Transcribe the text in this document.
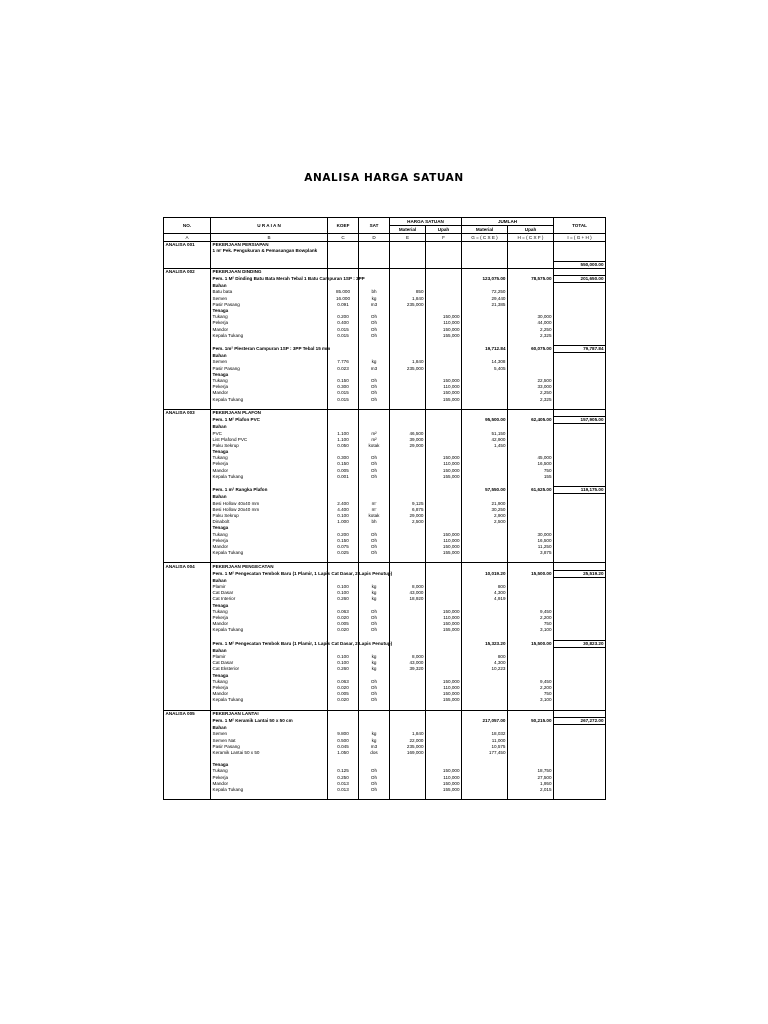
ANALISA HARGA SATUAN
NO.	U R A I A N	KOEF	SAT	HARGA SATUAN		JUMLAH		TOTAL
				Material	Upah	Material	Upah	
A	B	C	D	E	F	G = ( C X E )	H = ( C X F )	I = ( G + H )
ANALISA 001	PEKERJAAN PERSIAPAN							
	1 m' Pek. Pengukuran & Pemasangan Bowplank							

								550,000.00
ANALISA 002	PEKERJAAN DINDING							
	Pem. 1 M² Dinding Batu Bata Merah Tebal 1 Batu Campuran 1SP : 3PP					123,075.00	78,575.00	201,650.00
	Bahan							
	Batu bata	85.000	bh	850		72,250		
	Semen	16.000	kg	1,840		29,440		
	Pasir Pasang	0.091	m3	235,000		21,385		
	Tenaga							
	Tukang	0.200	Oh		150,000		30,000	
	Pekerja	0.400	Oh		110,000		44,000	
	Mandor	0.015	Oh		150,000		2,250	
	Kepala Tukang	0.015	Oh		155,000		2,325	

	Pem. 1m² Plesteran Campuran 1SP : 3PP Tebal 15 mm					19,712.84	60,075.00	79,787.84
	Bahan							
	Semen	7.776	kg	1,840		14,308		
	Pasir Pasang	0.023	m3	235,000		5,405		
	Tenaga							
	Tukang	0.150	Oh		150,000		22,500	
	Pekerja	0.300	Oh		110,000		33,000	
	Mandor	0.015	Oh		150,000		2,250	
	Kepala Tukang	0.015	Oh		155,000		2,325	

ANALISA 003	PEKERJAAN PLAFON							
	Pem. 1 M² Plafon PVC					95,500.00	62,405.00	157,905.00
	Bahan							
	PVC	1.100	m²	46,500		51,150		
	List Plafond PVC	1.100	m²	39,000		42,900		
	Paku Sekrup	0.050	kotak	29,000		1,450		
	Tenaga							
	Tukang	0.300	Oh		150,000		45,000	
	Pekerja	0.150	Oh		110,000		16,500	
	Mandor	0.005	Oh		150,000		750	
	Kepala Tukang	0.001	Oh		155,000		155	

	Pem. 1 m² Rangka Plafon					57,550.00	61,625.00	119,175.00
	Bahan							
	Besi Hollow 40x40 mm	2.400	m'	9,125		21,900		
	Besi Hollow 20x40 mm	4.400	m'	6,875		30,250		
	Paku Sekrup	0.100	kotak	29,000		2,900		
	Dinabolt	1.000	bh	2,500		2,500		
	Tenaga							
	Tukang	0.200	Oh		150,000		30,000	
	Pekerja	0.150	Oh		110,000		16,500	
	Mandor	0.075	Oh		150,000		11,250	
	Kepala Tukang	0.025	Oh		155,000		3,875	

ANALISA 004	PEKERJAAN PENGECATAN							
	Pem. 1 M² Pengecatan Tembok Baru (1 Plamir, 1 Lapis Cat Dasar, 2 Lapis Penutup)					10,019.20	15,500.00	25,519.20
	Bahan							
	Plamir	0.100	kg	8,000		800		
	Cat Dasar	0.100	kg	43,000		4,300		
	Cat Interior	0.260	kg	18,920		4,919		
	Tenaga							
	Tukang	0.063	Oh		150,000		9,450	
	Pekerja	0.020	Oh		110,000		2,200	
	Mandor	0.005	Oh		150,000		750	
	Kepala Tukang	0.020	Oh		155,000		3,100	

	Pem. 1 M² Pengecatan Tembok Baru (1 Plamir, 1 Lapis Cat Dasar, 2 Lapis Penutup)					15,323.20	15,500.00	30,823.20
	Bahan							
	Plamir	0.100	kg	8,000		800		
	Cat Dasar	0.100	kg	43,000		4,300		
	Cat Eksterior	0.260	kg	39,320		10,223		
	Tenaga							
	Tukang	0.063	Oh		150,000		9,450	
	Pekerja	0.020	Oh		110,000		2,200	
	Mandor	0.005	Oh		150,000		750	
	Kepala Tukang	0.020	Oh		155,000		3,100	

ANALISA 005	PEKERJAAN LANTAI							
	Pem. 1 M² Keramik Lantai 50 x 50 cm					217,057.00	50,215.00	267,272.00
	Bahan							
	Semen	9.800	kg	1,840		18,032		
	Semen Nat	0.500	kg	22,000		11,000		
	Pasir Pasang	0.045	m3	235,000		10,575		
	Keramik Lantai 50 x 50	1.050	dos	169,000		177,450		

	Tenaga							
	Tukang	0.125	Oh		150,000		18,750	
	Pekerja	0.250	Oh		110,000		27,500	
	Mandor	0.013	Oh		150,000		1,950	
	Kepala Tukang	0.013	Oh		155,000		2,015	
